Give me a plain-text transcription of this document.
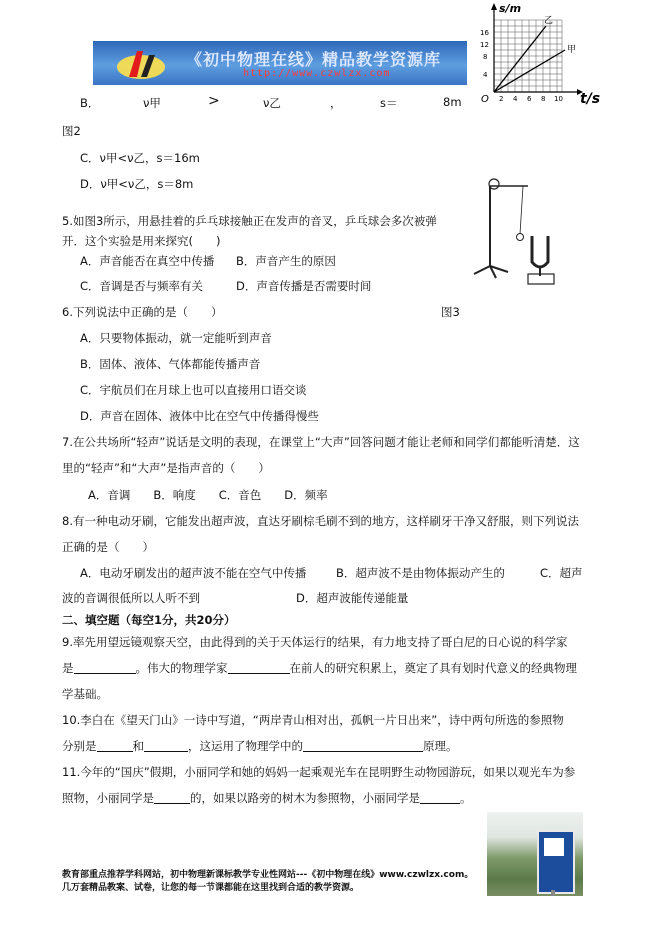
《初中物理在线》精品教学资源库
http://www.czwlzx.com
s/m
t/s
O
乙
甲
4
8
12
16
2 4 6 8 10
B．	ν甲	>	ν乙	，	s＝	8m
图2
C．ν甲<ν乙，s＝16m
D．ν甲<ν乙，s＝8m
5.如图3所示，用悬挂着的乒乓球接触正在发声的音叉，乒乓球会多次被弹
开．这个实验是用来探究(　　)
A．声音能否在真空中传播 B．声音产生的原因
C．音调是否与频率有关	D．声音传播是否需要时间
6.下列说法中正确的是（　　）	图3
A．只要物体振动，就一定能听到声音
B．固体、液体、气体都能传播声音
C．宇航员们在月球上也可以直接用口语交谈
D．声音在固体、液体中比在空气中传播得慢些
7.在公共场所“轻声”说话是文明的表现，在课堂上“大声”回答问题才能让老师和同学们都能听清楚．这
里的“轻声”和“大声”是指声音的（　　）
A．音调　　B．响度　　C．音色　　D．频率
8.有一种电动牙刷，它能发出超声波，直达牙刷棕毛刷不到的地方，这样刷牙干净又舒服，则下列说法
正确的是（　　）
A．电动牙刷发出的超声波不能在空气中传播	B．超声波不是由物体振动产生的	C．超声
波的音调很低所以人听不到	D．超声波能传递能量
二、填空题（每空1分，共20分）
9.率先用望远镜观察天空，由此得到的关于天体运行的结果，有力地支持了哥白尼的日心说的科学家
是	。伟大的物理学家	在前人的研究积累上，奠定了具有划时代意义的经典物理
学基础。
10.李白在《望天门山》一诗中写道，“两岸青山相对出，孤帆一片日出来”，诗中两句所选的参照物
分别是	和	，这运用了物理学中的	原理。
11.今年的“国庆”假期，小丽同学和她的妈妈一起乘观光车在昆明野生动物园游玩，如果以观光车为参
照物，小丽同学是	的，如果以路旁的树木为参照物，小丽同学是	。
教育部重点推荐学科网站，初中物理新课标教学专业性网站---《初中物理在线》www.czwlzx.com。
几万套精品教案、试卷，让您的每一节课都能在这里找到合适的教学资源。
